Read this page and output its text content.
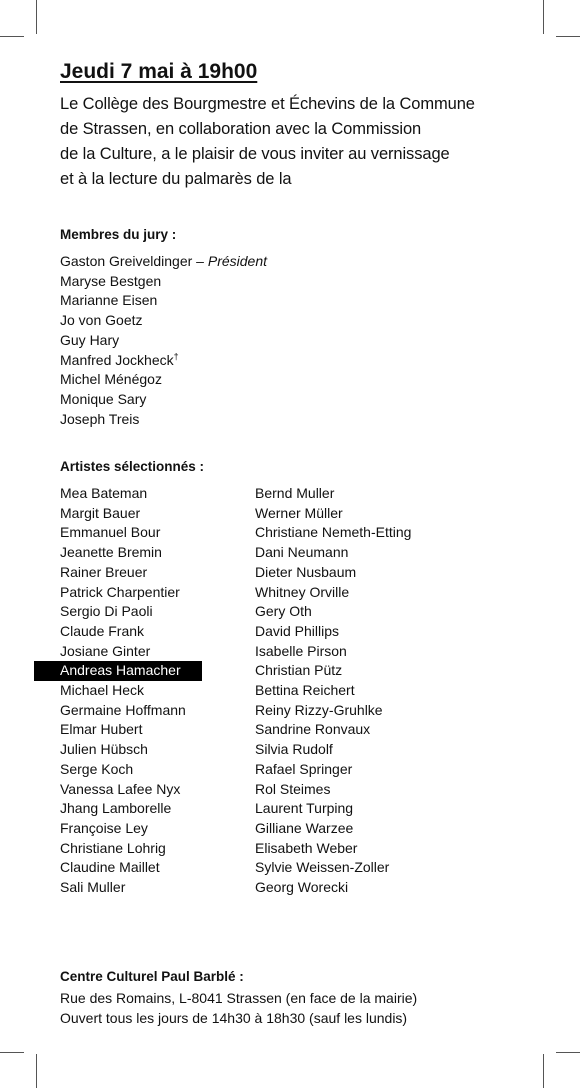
Jeudi 7 mai à 19h00

Le Collège des Bourgmestre et Échevins de la Commune

de Strassen, en collaboration avec la Commission

de la Culture, a le plaisir de vous inviter au vernissage

et à la lecture du palmarès de la

Membres du jury :
Gaston Greiveldinger – Président
Maryse Bestgen
Marianne Eisen
Jo von Goetz
Guy Hary
Manfred Jockheck†
Michel Ménégoz
Monique Sary
Joseph Treis
Artistes sélectionnés :
Mea Bateman
Margit Bauer
Emmanuel Bour
Jeanette Bremin
Rainer Breuer
Patrick Charpentier
Sergio Di Paoli
Claude Frank
Josiane Ginter
Andreas Hamacher
Michael Heck
Germaine Hoffmann
Elmar Hubert
Julien Hübsch
Serge Koch
Vanessa Lafee Nyx
Jhang Lamborelle
Françoise Ley
Christiane Lohrig
Claudine Maillet
Sali Muller
Bernd Muller
Werner Müller
Christiane Nemeth-Etting
Dani Neumann
Dieter Nusbaum
Whitney Orville
Gery Oth
David Phillips
Isabelle Pirson
Christian Pütz
Bettina Reichert
Reiny Rizzy-Gruhlke
Sandrine Ronvaux
Silvia Rudolf
Rafael Springer
Rol Steimes
Laurent Turping
Gilliane Warzee
Elisabeth Weber
Sylvie Weissen-Zoller
Georg Worecki
Centre Culturel Paul Barblé :
Rue des Romains, L-8041 Strassen (en face de la mairie)
Ouvert tous les jours de 14h30 à 18h30 (sauf les lundis)
